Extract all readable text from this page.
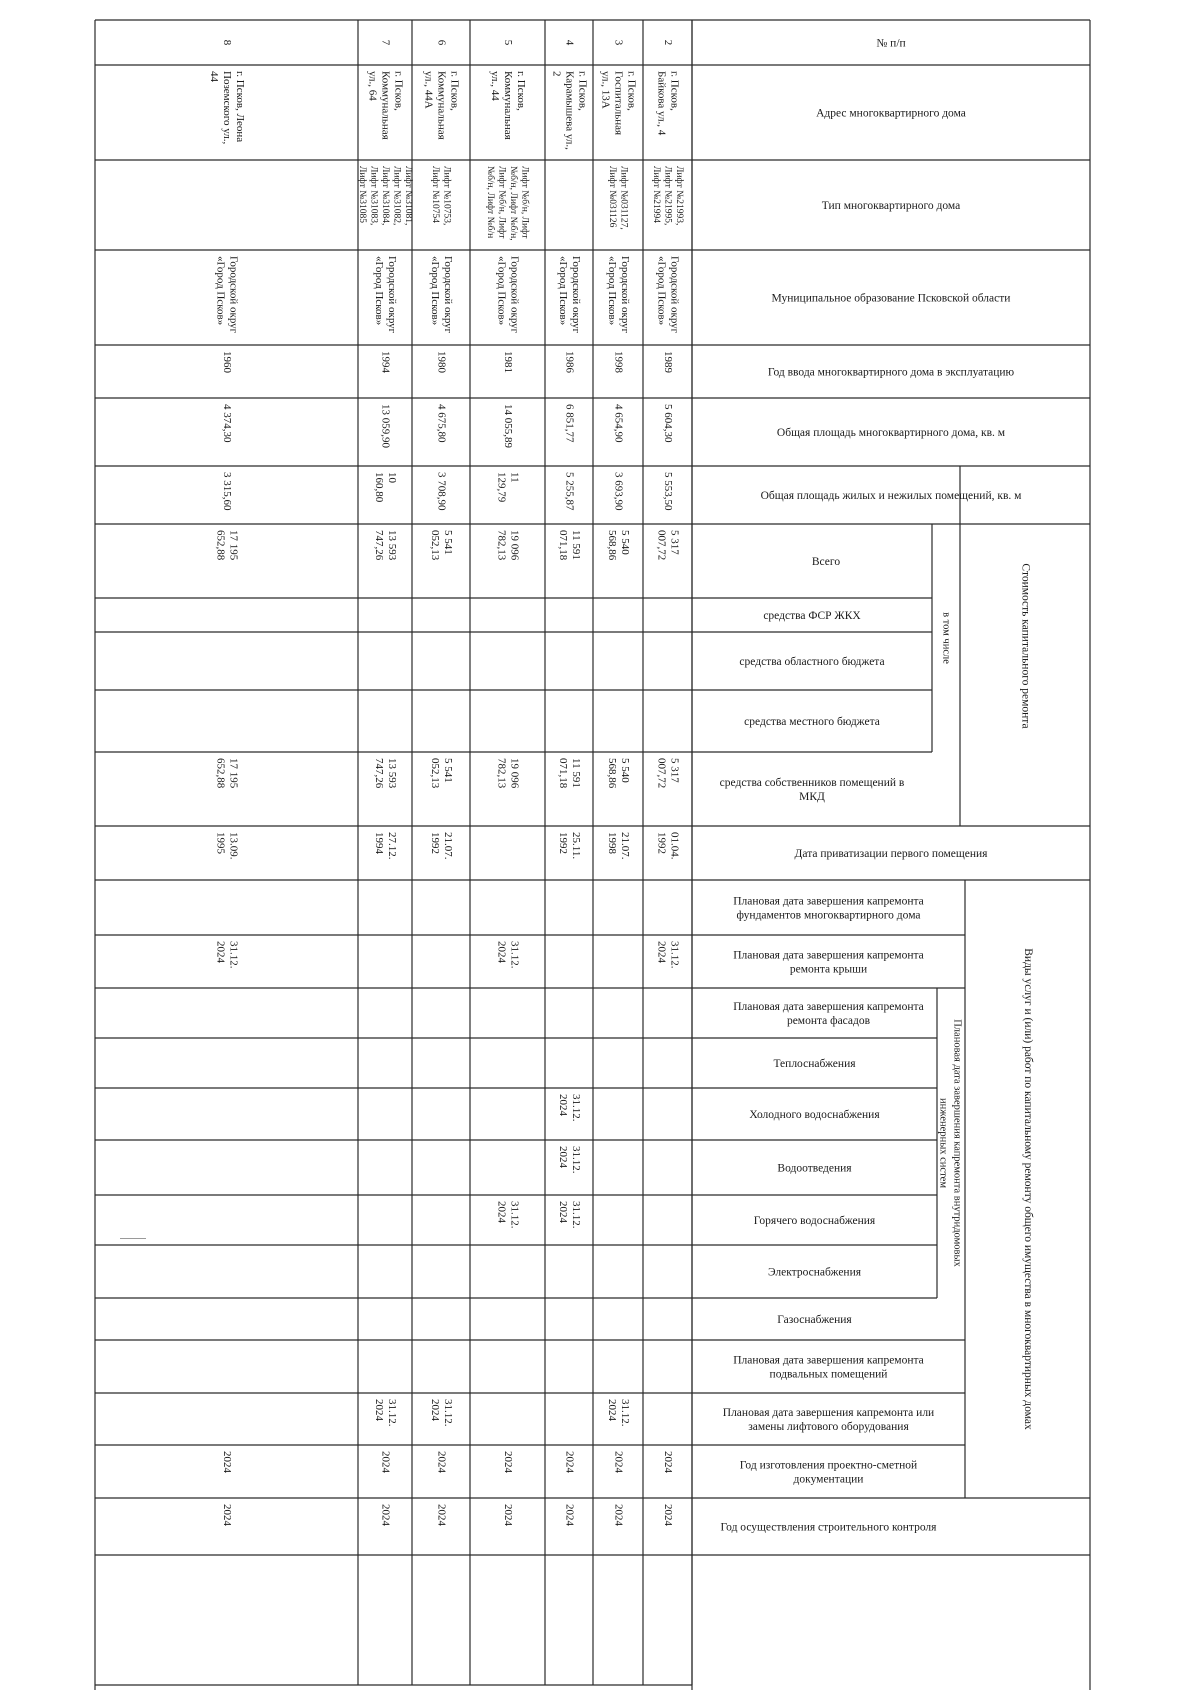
№ п/п
Адрес многоквартирного дома
Тип многоквартирного дома
Муниципальное образование Псковской области
Год ввода многоквартирного дома в эксплуатацию
Общая площадь многоквартирного дома, кв. м
Общая площадь жилых и нежилых помещений, кв. м
Всего
средства ФСР ЖКХ
средства областного бюджета
средства местного бюджета
средства собственников помещений в
МКД
Дата приватизации первого помещения
Плановая дата завершения капремонта
фундаментов многоквартирного дома
Плановая дата завершения капремонта
ремонта крыши
Плановая дата завершения капремонта
ремонта фасадов
Теплоснабжения
Холодного водоснабжения
Водоотведения
Горячего водоснабжения
Электроснабжения
Газоснабжения
Плановая дата завершения капремонта
подвальных помещений
Плановая дата завершения капремонта или
замены лифтового оборудования
Год изготовления проектно-сметной
документации
Год осуществления строительного контроля
Стоимость капитального ремонта
в том числе
Виды услуг и (или) работ по капитальному ремонту общего имущества в многоквартирных домах
Плановая дата завершения капремонта внутридомовых
инженерных систем
8
г. Псков, Леона
Поземского ул.,
44
Городской округ
«Город Псков»
1960
4 374,30
3 315,60
17 195
652,88
17 195
652,88
13.09.
1995
31.12.
2024
2024
2024
7
г. Псков,
Коммунальная
ул., 64
Лифт №31081,
Лифт №31082,
Лифт №31084,
Лифт №31083,
Лифт №31085
Городской округ
«Город Псков»
1994
13 059,90
10
160,80
13 593
747,26
13 593
747,26
27.12.
1994
31.12.
2024
2024
2024
6
г. Псков,
Коммунальная
ул., 44А
Лифт №10753,
Лифт №10754
Городской округ
«Город Псков»
1980
4 675,80
3 708,90
5 541
052,13
5 541
052,13
21.07.
1992
31.12.
2024
2024
2024
5
г. Псков,
Коммунальная
ул., 44
Лифт №б/н, Лифт
№б/н, Лифт №б/н,
Лифт №б/н, Лифт
№б/н, Лифт №б/н
Городской округ
«Город Псков»
1981
14 055,89
11
129,79
19 096
782,13
19 096
782,13
31.12.
2024
31.12.
2024
2024
2024
4
г. Псков,
Карамышева ул.,
2
Городской округ
«Город Псков»
1986
6 851,77
5 255,87
11 591
071,18
11 591
071,18
25.11.
1992
31.12.
2024
31.12.
2024
31.12.
2024
2024
2024
3
г. Псков,
Госпитальная
ул., 13А
Лифт №031127,
Лифт №031126
Городской округ
«Город Псков»
1998
4 654,90
3 693,90
5 540
568,86
5 540
568,86
21.07.
1998
31.12.
2024
2024
2024
2
г. Псков,
Байкова ул., 4
Лифт №21993,
Лифт №21995,
Лифт №21994
Городской округ
«Город Псков»
1989
5 604,30
5 553,50
5 317
007,72
5 317
007,72
01.04.
1992
31.12.
2024
2024
2024
